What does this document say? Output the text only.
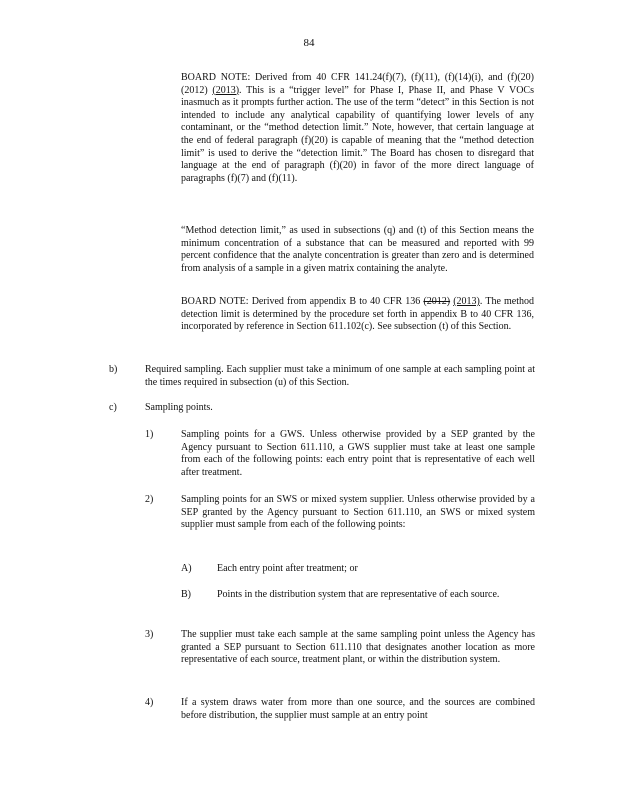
84

BOARD NOTE: Derived from 40 CFR 141.24(f)(7), (f)(11), (f)(14)(i), and (f)(20) (2012) (2013). This is a “trigger level” for Phase I, Phase II, and Phase V VOCs inasmuch as it prompts further action. The use of the term “detect” in this Section is not intended to include any analytical capability of quantifying lower levels of any contaminant, or the “method detection limit.” Note, however, that certain language at the end of federal paragraph (f)(20) is capable of meaning that the “method detection limit” is used to derive the “detection limit.” The Board has chosen to disregard that language at the end of paragraph (f)(20) in favor of the more direct language of paragraphs (f)(7) and (f)(11).

“Method detection limit,” as used in subsections (q) and (t) of this Section means the minimum concentration of a substance that can be measured and reported with 99 percent confidence that the analyte concentration is greater than zero and is determined from analysis of a sample in a given matrix containing the analyte.

BOARD NOTE: Derived from appendix B to 40 CFR 136 (2012) (2013). The method detection limit is determined by the procedure set forth in appendix B to 40 CFR 136, incorporated by reference in Section 611.102(c). See subsection (t) of this Section.

b)	Required sampling. Each supplier must take a minimum of one sample at each sampling point at the times required in subsection (u) of this Section.
c)	Sampling points.
1)	Sampling points for a GWS. Unless otherwise provided by a SEP granted by the Agency pursuant to Section 611.110, a GWS supplier must take at least one sample from each of the following points: each entry point that is representative of each well after treatment.
2)	Sampling points for an SWS or mixed system supplier. Unless otherwise provided by a SEP granted by the Agency pursuant to Section 611.110, an SWS or mixed system supplier must sample from each of the following points:
A)	Each entry point after treatment; or
B)	Points in the distribution system that are representative of each source.
3)	The supplier must take each sample at the same sampling point unless the Agency has granted a SEP pursuant to Section 611.110 that designates another location as more representative of each source, treatment plant, or within the distribution system.
4)	If a system draws water from more than one source, and the sources are combined before distribution, the supplier must sample at an entry point
